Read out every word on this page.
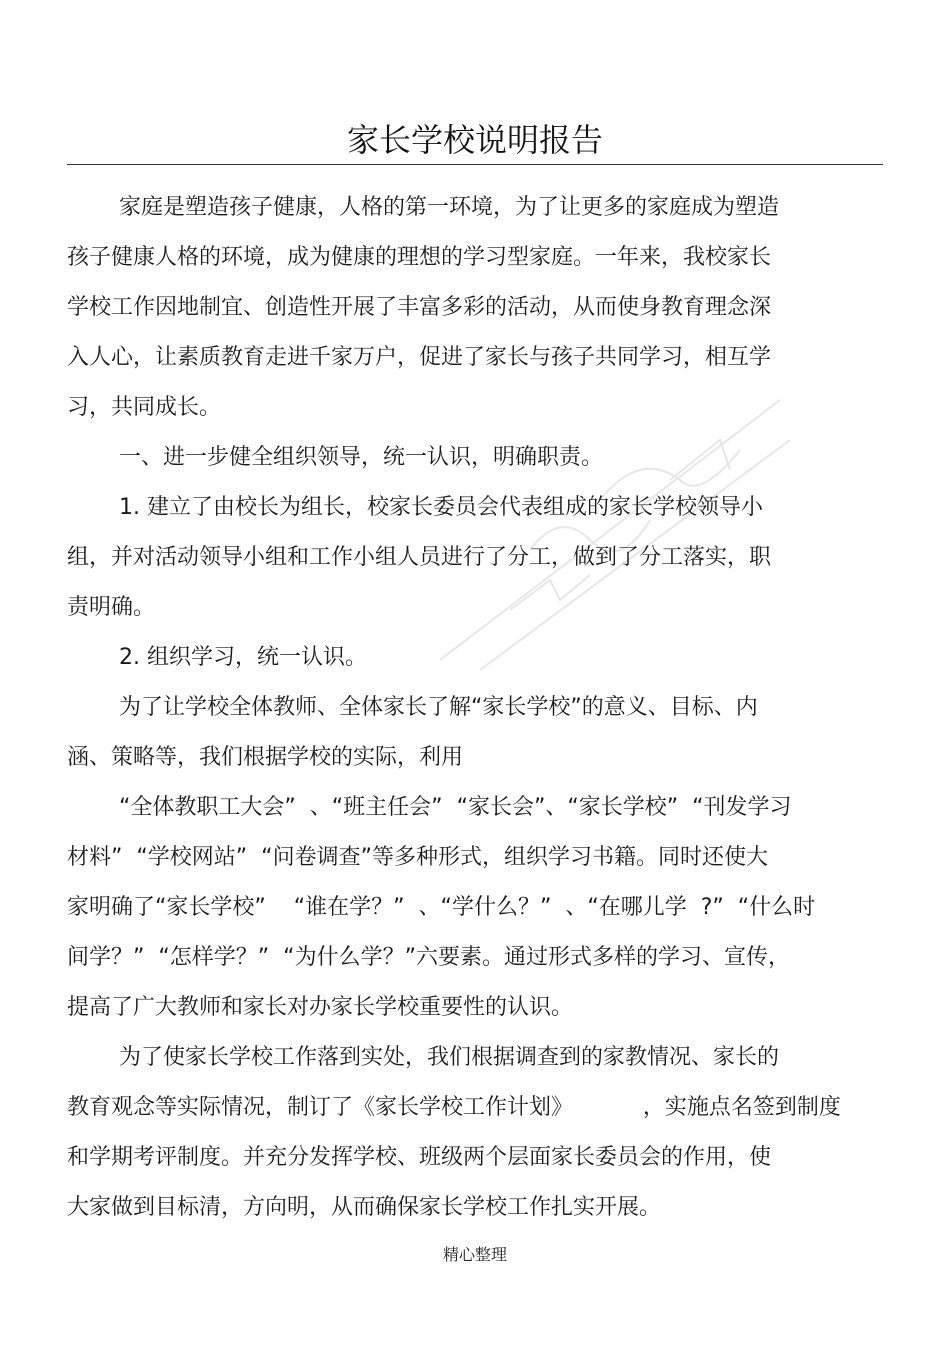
家长学校说明报告
家庭是塑造孩子健康，人格的第一环境，为了让更多的家庭成为塑造
孩子健康人格的环境，成为健康的理想的学习型家庭。一年来，我校家长
学校工作因地制宜、创造性开展了丰富多彩的活动，从而使身教育理念深
入人心，让素质教育走进千家万户，促进了家长与孩子共同学习，相互学
习，共同成长。
一、进一步健全组织领导，统一认识，明确职责。
1. 建立了由校长为组长，校家长委员会代表组成的家长学校领导小
组，并对活动领导小组和工作小组人员进行了分工，做到了分工落实，职
责明确。
2. 组织学习，统一认识。
为了让学校全体教师、全体家长了解“家长学校”的意义、目标、内
涵、策略等，我们根据学校的实际，利用
“全体教职工大会”  、“班主任会”  “家长会”、“家长学校”  “刊发学习
材料”  “学校网站”  “问卷调查”等多种形式，组织学习书籍。同时还使大
家明确了“家长学校”    “谁在学？”  、“学什么？”  、“在哪儿学  ?”  “什么时
间学？”  “怎样学？”  “为什么学？”六要素。通过形式多样的学习、宣传，
提高了广大教师和家长对办家长学校重要性的认识。
为了使家长学校工作落到实处，我们根据调查到的家教情况、家长的
教育观念等实际情况，制订了《家长学校工作计划》          ，实施点名签到制度
和学期考评制度。并充分发挥学校、班级两个层面家长委员会的作用，使
大家做到目标清，方向明，从而确保家长学校工作扎实开展。
精心整理
